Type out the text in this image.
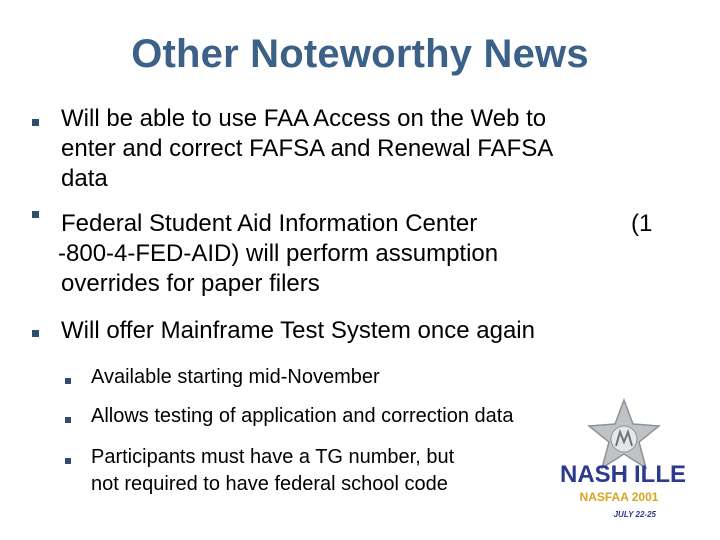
Other Noteworthy News
Will be able to use FAA Access on the Web to
enter and correct FAFSA and Renewal FAFSA
data
Federal Student Aid Information Center	(1
-800-4-FED-AID) will perform assumption
overrides for paper filers
Will offer Mainframe Test System once again
Available starting mid-November
Allows testing of application and correction data
Participants must have a TG number, but
not required to have federal school code	NASH ILLE
NASFAA 2001
JULY 22-25
